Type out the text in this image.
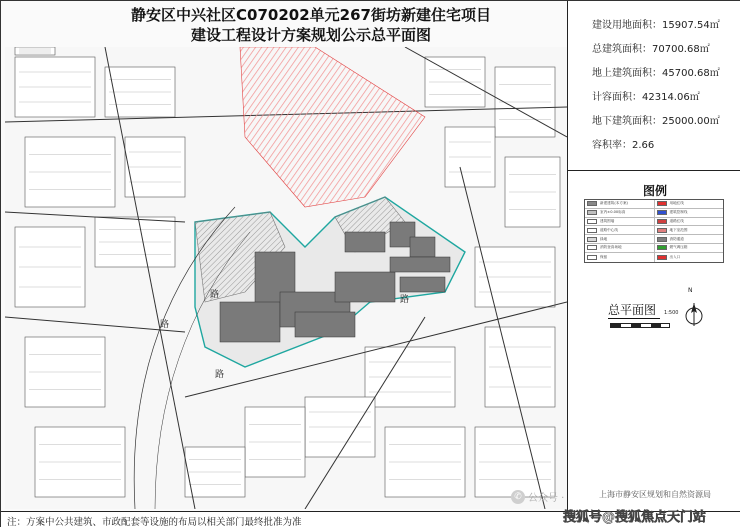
静安区中兴社区C070202单元267街坊新建住宅项目
建设工程设计方案规划公示总平面图
路	路
路
路
建设用地面积：15907.54㎡
总建筑面积：70700.68㎡
地上建筑面积：45700.68㎡
计容面积：42314.06㎡
地下建筑面积：25000.00㎡
容积率：2.66
图例
新建建筑(本方案)	用地红线
室内±0.00标高	建筑控制线
建筑围墙	道路红线
道路中心线	地下室范围
绿地	消防通道
消防登高场地	燃气调压箱
保留	出入口
N
总平面图 1:500
✆ 公众号 ·	上海市静安区规划和自然资源局
注：方案中公共建筑、市政配套等设施的布局以相关部门最终批准为准	搜狐号@搜狐焦点天门站
